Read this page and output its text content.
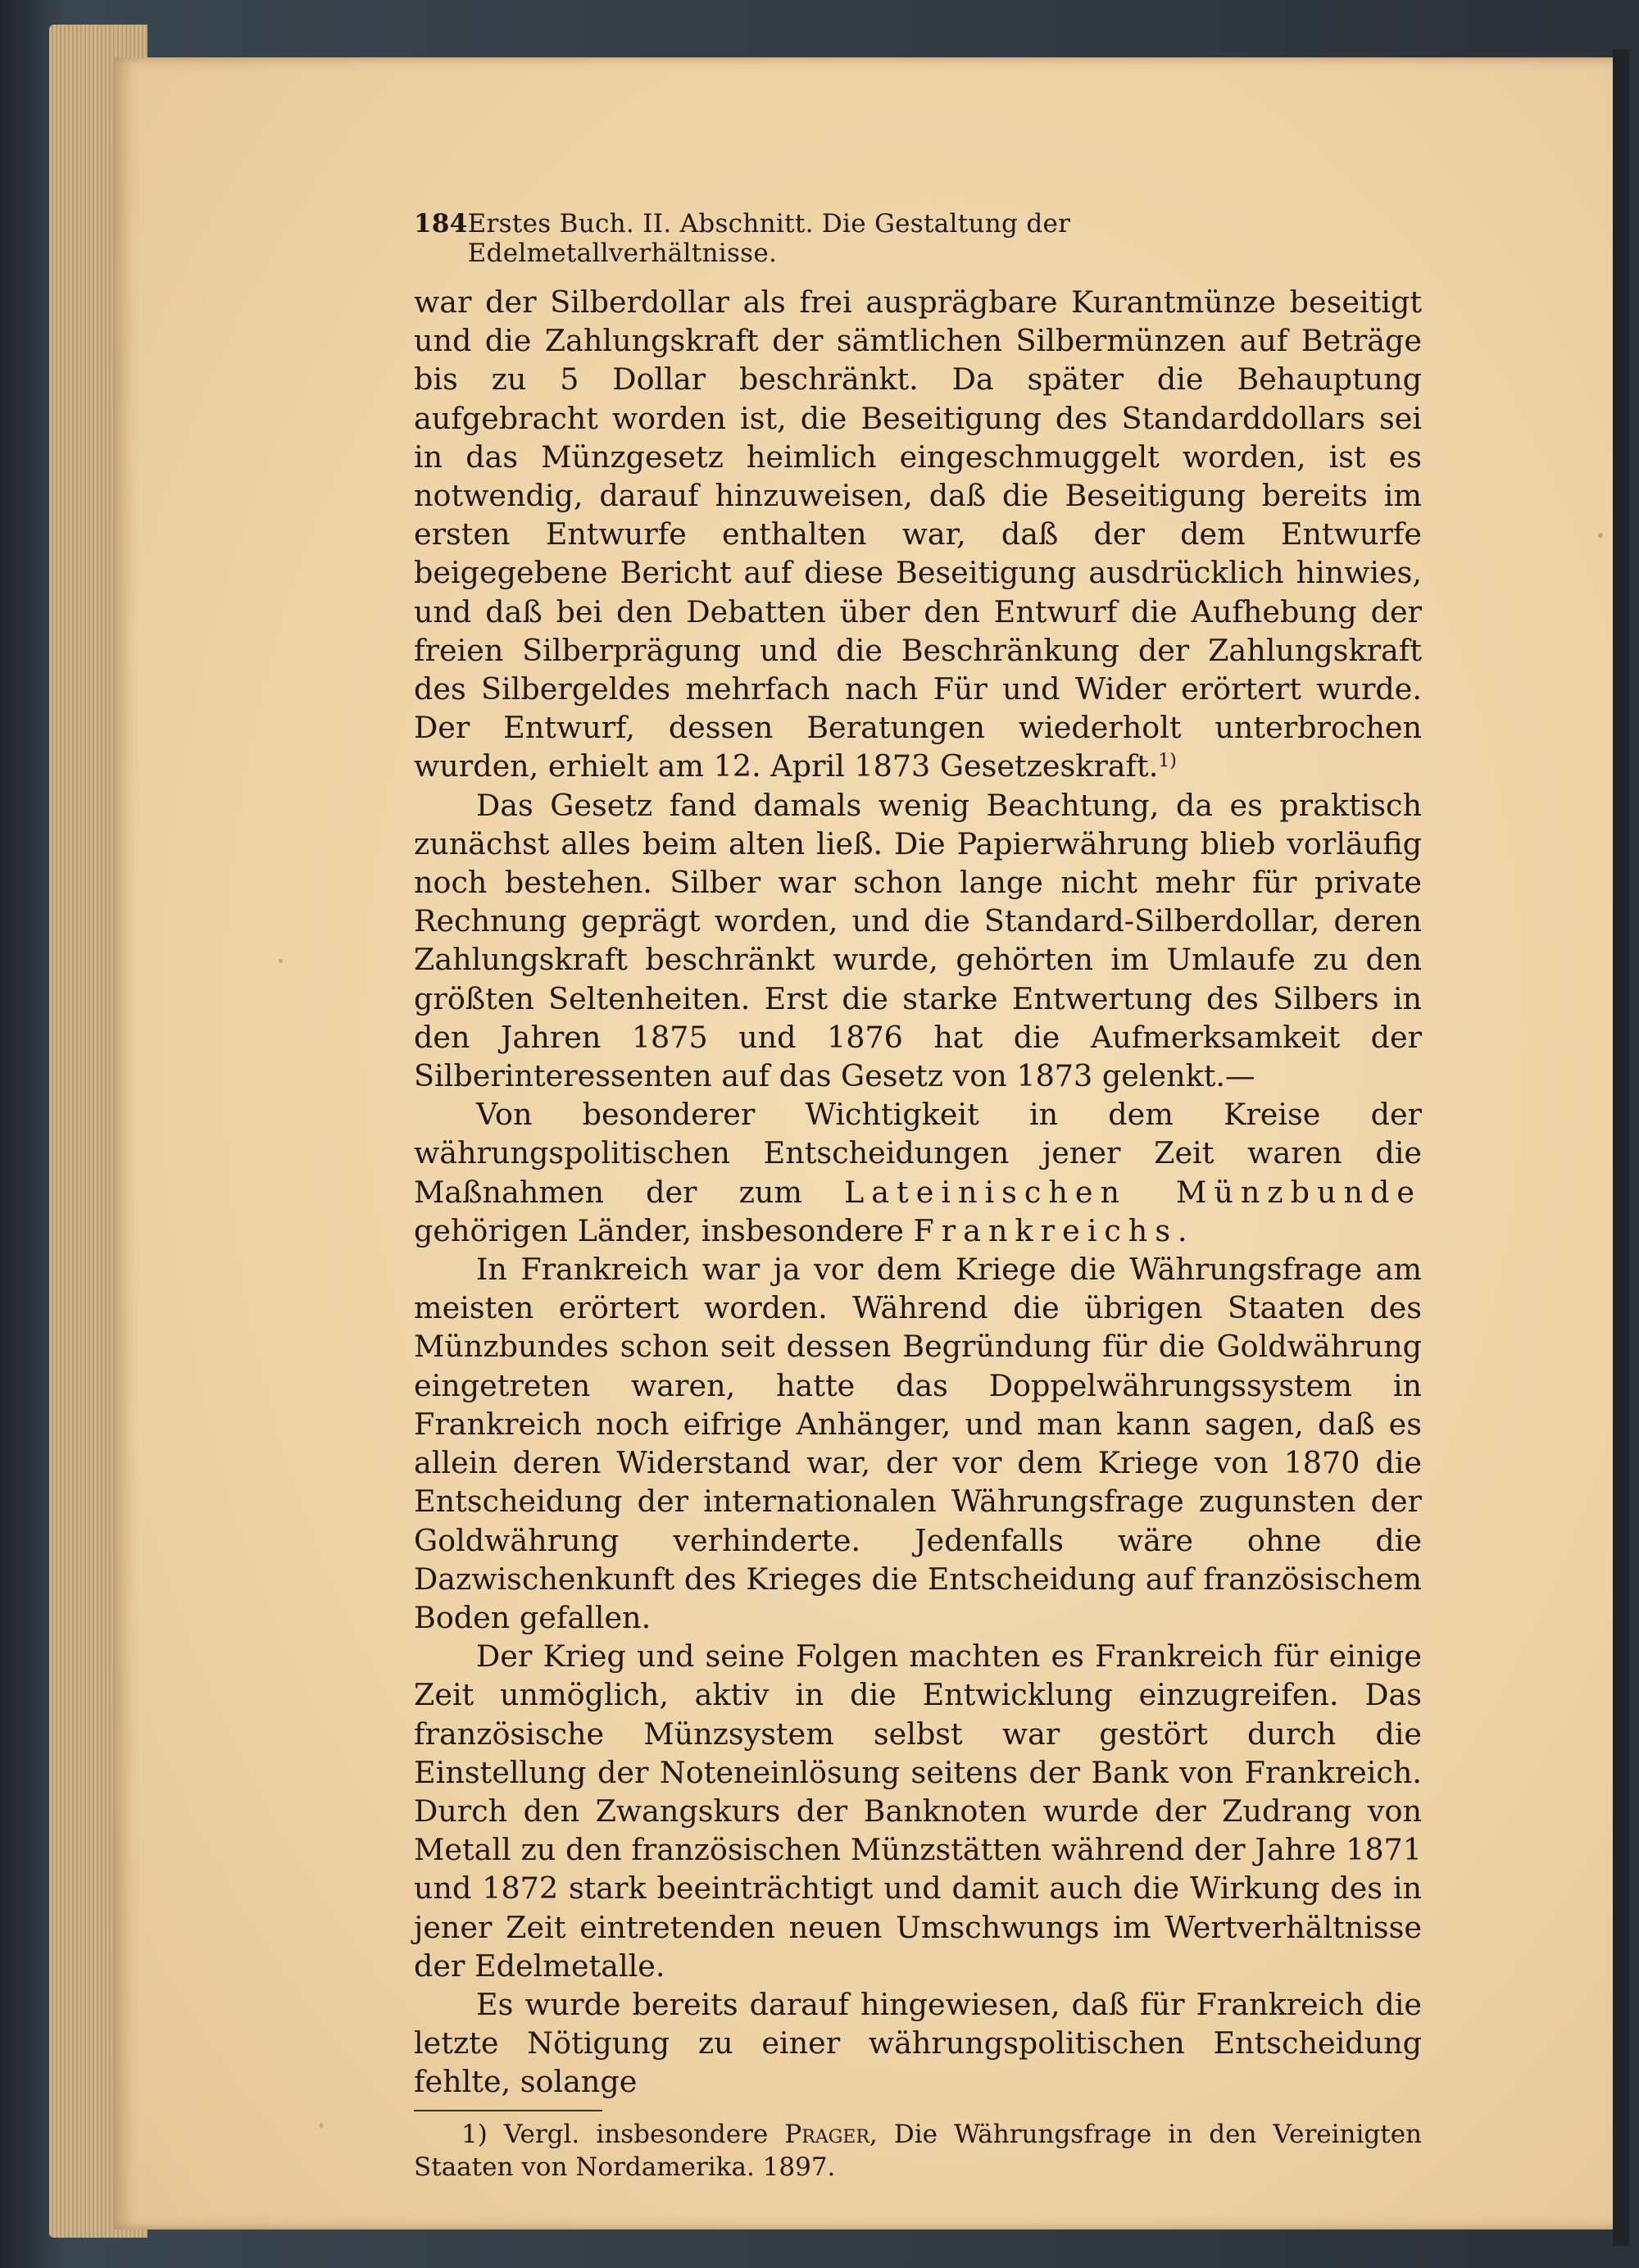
184 Erstes Buch. II. Abschnitt. Die Gestaltung der Edelmetallverhältnisse.

war der Silberdollar als frei ausprägbare Kurantmünze beseitigt und die Zahlungskraft der sämtlichen Silbermünzen auf Beträge bis zu 5 Dollar beschränkt. Da später die Behauptung aufgebracht worden ist, die Beseitigung des Standarddollars sei in das Münzgesetz heimlich eingeschmuggelt worden, ist es notwendig, darauf hinzuweisen, daß die Beseitigung bereits im ersten Entwurfe enthalten war, daß der dem Entwurfe beigegebene Bericht auf diese Beseitigung ausdrücklich hinwies, und daß bei den Debatten über den Entwurf die Aufhebung der freien Silberprägung und die Beschränkung der Zahlungskraft des Silbergeldes mehrfach nach Für und Wider erörtert wurde. Der Entwurf, dessen Beratungen wiederholt unterbrochen wurden, erhielt am 12. April 1873 Gesetzeskraft.$^{1)}$

Das Gesetz fand damals wenig Beachtung, da es praktisch zunächst alles beim alten ließ. Die Papierwährung blieb vorläufig noch bestehen. Silber war schon lange nicht mehr für private Rechnung geprägt worden, und die Standard-Silberdollar, deren Zahlungskraft beschränkt wurde, gehörten im Umlaufe zu den größten Seltenheiten. Erst die starke Entwertung des Silbers in den Jahren 1875 und 1876 hat die Aufmerksamkeit der Silberinteressenten auf das Gesetz von 1873 gelenkt.—

Von besonderer Wichtigkeit in dem Kreise der währungspolitischen Entscheidungen jener Zeit waren die Maßnahmen der zum Lateinischen Münzbunde gehörigen Länder, insbesondere Frankreichs.

In Frankreich war ja vor dem Kriege die Währungsfrage am meisten erörtert worden. Während die übrigen Staaten des Münzbundes schon seit dessen Begründung für die Goldwährung eingetreten waren, hatte das Doppelwährungssystem in Frankreich noch eifrige Anhänger, und man kann sagen, daß es allein deren Widerstand war, der vor dem Kriege von 1870 die Entscheidung der internationalen Währungsfrage zugunsten der Goldwährung verhinderte. Jedenfalls wäre ohne die Dazwischenkunft des Krieges die Entscheidung auf französischem Boden gefallen.

Der Krieg und seine Folgen machten es Frankreich für einige Zeit unmöglich, aktiv in die Entwicklung einzugreifen. Das französische Münzsystem selbst war gestört durch die Einstellung der Noteneinlösung seitens der Bank von Frankreich. Durch den Zwangskurs der Banknoten wurde der Zudrang von Metall zu den französischen Münzstätten während der Jahre 1871 und 1872 stark beeinträchtigt und damit auch die Wirkung des in jener Zeit eintretenden neuen Umschwungs im Wertverhältnisse der Edelmetalle.

Es wurde bereits darauf hingewiesen, daß für Frankreich die letzte Nötigung zu einer währungspolitischen Entscheidung fehlte, solange

1) Vergl. insbesondere Prager, Die Währungsfrage in den Vereinigten Staaten von Nordamerika. 1897.
